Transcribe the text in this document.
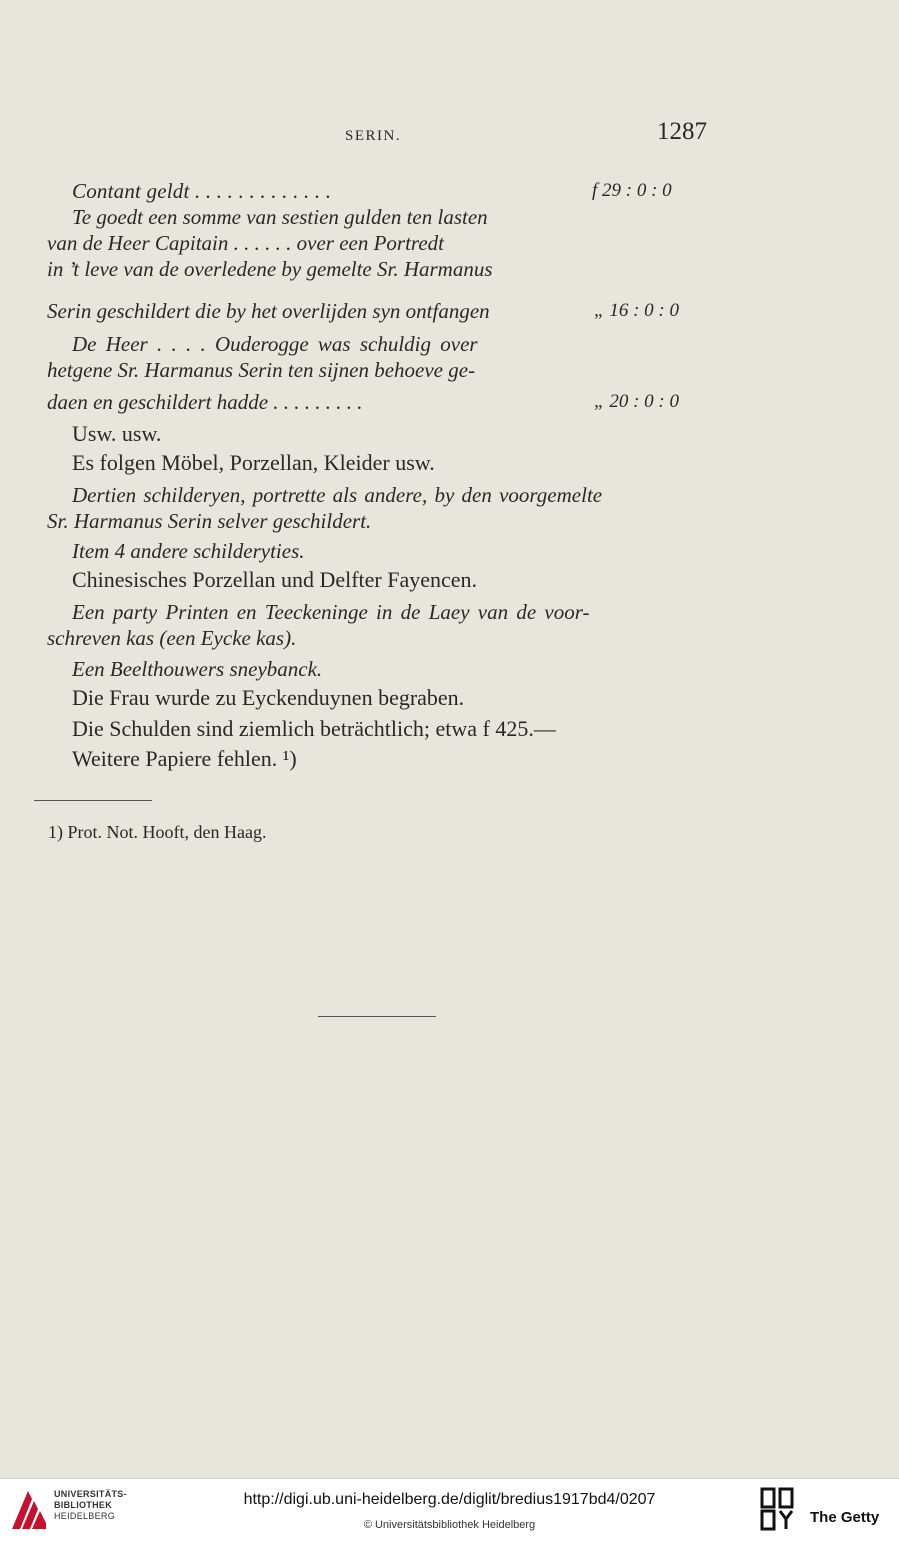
SERIN.	1287
Contant geldt . . . . . . . . . . . . .	f 29 : 0 : 0
Te goedt een somme van sestien gulden ten lasten
van de Heer Capitain . . . . . . over een Portredt
in ’t leve van de overledene by gemelte Sr. Harmanus
Serin geschildert die by het overlijden syn ontfangen	„ 16 : 0 : 0
De Heer . . . . Ouderogge was schuldig over
hetgene Sr. Harmanus Serin ten sijnen behoeve ge-
daen en geschildert hadde . . . . . . . . .	„ 20 : 0 : 0
Usw. usw.
Es folgen Möbel, Porzellan, Kleider usw.
Dertien schilderyen, portrette als andere, by den voorgemelte
Sr. Harmanus Serin selver geschildert.
Item 4 andere schilderyties.
Chinesisches Porzellan und Delfter Fayencen.
Een party Printen en Teeckeninge in de Laey van de voor-
schreven kas (een Eycke kas).
Een Beelthouwers sneybanck.
Die Frau wurde zu Eyckenduynen begraben.
Die Schulden sind ziemlich beträchtlich; etwa f 425.—
Weitere Papiere fehlen. ¹)
1) Prot. Not. Hooft, den Haag.
UNIVERSITÄTS-
BIBLIOTHEK
HEIDELBERG
http://digi.ub.uni-heidelberg.de/diglit/bredius1917bd4/0207
© Universitätsbibliothek Heidelberg	The Getty
